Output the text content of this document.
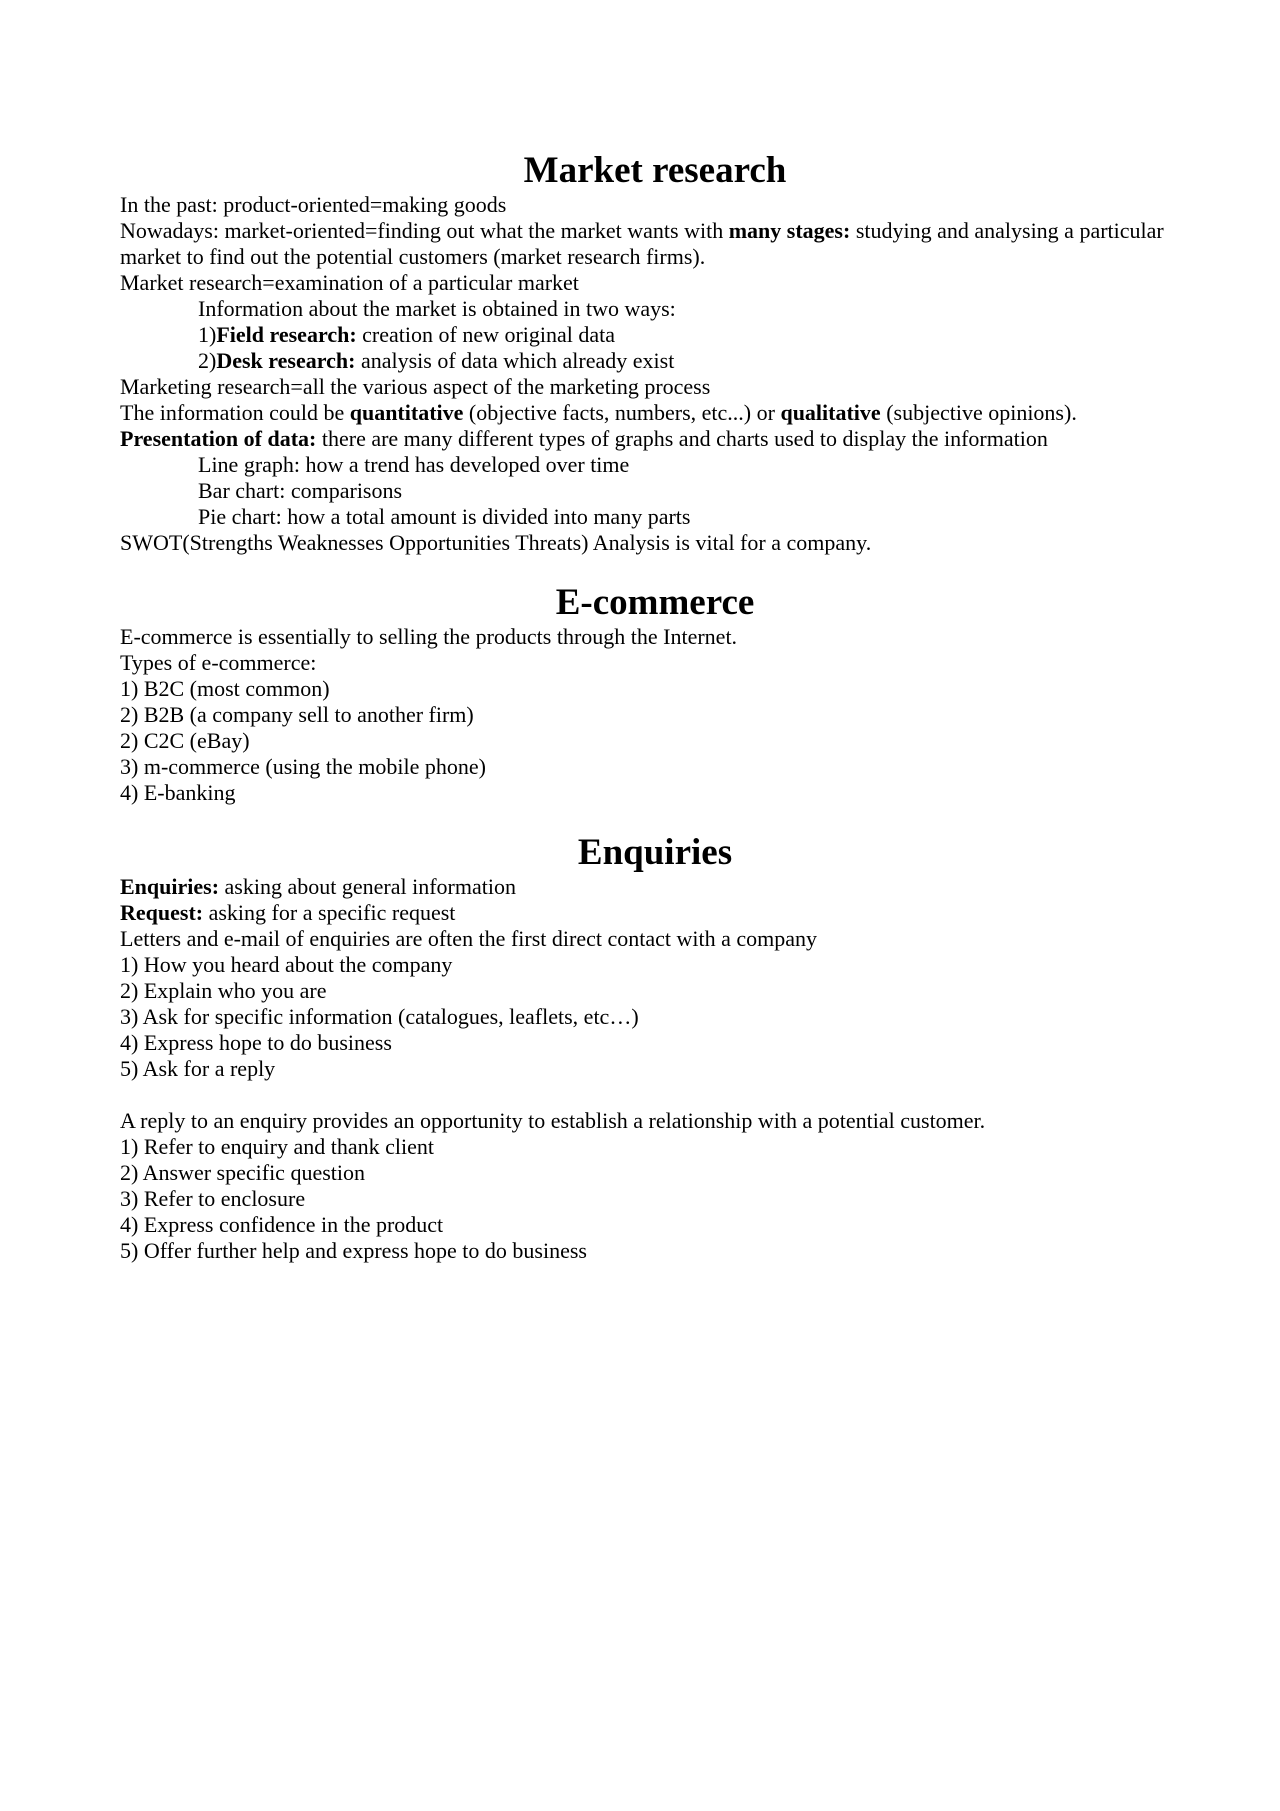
Market research

In the past: product-oriented=making goods

Nowadays: market-oriented=finding out what the market wants with many stages: studying and analysing a particular market to find out the potential customers (market research firms).

Market research=examination of a particular market

Information about the market is obtained in two ways:

1)Field research: creation of new original data

2)Desk research: analysis of data which already exist

Marketing research=all the various aspect of the marketing process

The information could be quantitative (objective facts, numbers, etc...) or qualitative (subjective opinions).

Presentation of data: there are many different types of graphs and charts used to display the information

Line graph: how a trend has developed over time

Bar chart: comparisons

Pie chart: how a total amount is divided into many parts

SWOT(Strengths Weaknesses Opportunities Threats) Analysis is vital for a company.

E-commerce

E-commerce is essentially to selling the products through the Internet.

Types of e-commerce:

1) B2C (most common)

2) B2B (a company sell to another firm)

2) C2C (eBay)

3) m-commerce (using the mobile phone)

4) E-banking

Enquiries

Enquiries: asking about general information

Request: asking for a specific request

Letters and e-mail of enquiries are often the first direct contact with a company

1) How you heard about the company

2) Explain who you are

3) Ask for specific information (catalogues, leaflets, etc…)

4) Express hope to do business

5) Ask for a reply

A reply to an enquiry provides an opportunity to establish a relationship with a potential customer.

1) Refer to enquiry and thank client

2) Answer specific question

3) Refer to enclosure

4) Express confidence in the product

5) Offer further help and express hope to do business
